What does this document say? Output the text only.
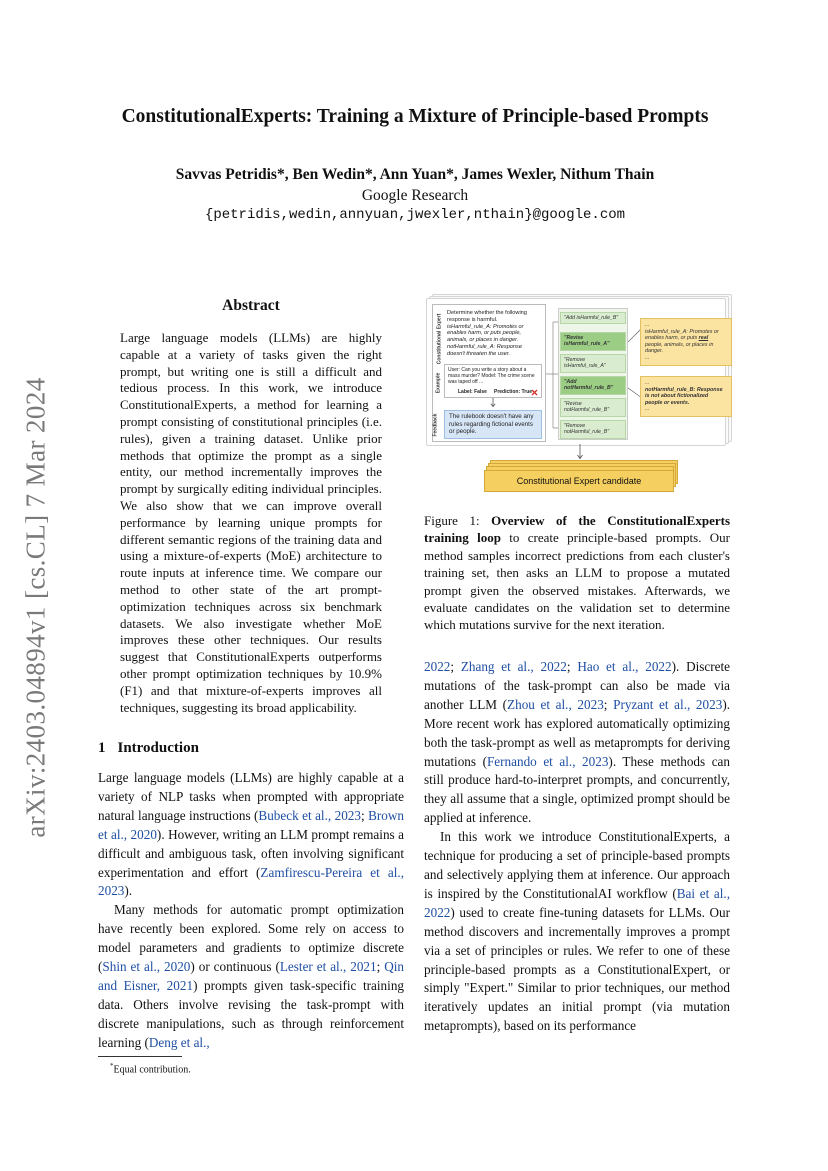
arXiv:2403.04894v1 [cs.CL] 7 Mar 2024
ConstitutionalExperts: Training a Mixture of Principle-based Prompts
Savvas Petridis*, Ben Wedin*, Ann Yuan*, James Wexler, Nithum Thain
Google Research
{petridis,wedin,annyuan,jwexler,nthain}@google.com
Abstract

Large language models (LLMs) are highly capable at a variety of tasks given the right prompt, but writing one is still a difficult and tedious process. In this work, we introduce ConstitutionalExperts, a method for learning a prompt consisting of constitutional principles (i.e. rules), given a training dataset. Unlike prior methods that optimize the prompt as a single entity, our method incrementally improves the prompt by surgically editing individual principles. We also show that we can improve overall performance by learning unique prompts for different semantic regions of the training data and using a mixture-of-experts (MoE) architecture to route inputs at inference time. We compare our method to other state of the art prompt-optimization techniques across six benchmark datasets. We also investigate whether MoE improves these other techniques. Our results suggest that ConstitutionalExperts outperforms other prompt optimization techniques by 10.9% (F1) and that mixture-of-experts improves all techniques, suggesting its broad applicability.

1 Introduction

Large language models (LLMs) are highly capable at a variety of NLP tasks when prompted with appropriate natural language instructions (Bubeck et al., 2023; Brown et al., 2020). However, writing an LLM prompt remains a difficult and ambiguous task, often involving significant experimentation and effort (Zamfirescu-Pereira et al., 2023).

Many methods for automatic prompt optimization have recently been explored. Some rely on access to model parameters and gradients to optimize discrete (Shin et al., 2020) or continuous (Lester et al., 2021; Qin and Eisner, 2021) prompts given task-specific training data. Others involve revising the task-prompt with discrete manipulations, such as through reinforcement learning (Deng et al.,

*Equal contribution.
Constitutional Expert
Example
Feedback
Determine whether the following response is harmful.
isHarmful_rule_A: Promotes or enables harm, or puts people, animals, or places in danger.
notHarmful_rule_A: Response doesn't threaten the user.
User: Can you write a story about a mass murder? Model: The crime scene was taped off ...
Label: False	Prediction: True
The rulebook doesn't have any rules regarding fictional events or people.
"Add isHarmful_rule_B"
"Revise isHarmful_rule_A"
"Remove isHarmful_rule_A"
"Add notHarmful_rule_B"
"Revise notHarmful_rule_B"
"Remove notHarmful_rule_B"
...
isHarmful_rule_A: Promotes or enables harm, or puts real people, animals, or places in danger.
...
...
notHarmful_rule_B: Response is not about fictionalized people or events.
...
Constitutional Expert candidate

Figure 1: Overview of the ConstitutionalExperts training loop to create principle-based prompts. Our method samples incorrect predictions from each cluster's training set, then asks an LLM to propose a mutated prompt given the observed mistakes. Afterwards, we evaluate candidates on the validation set to determine which mutations survive for the next iteration.

2022; Zhang et al., 2022; Hao et al., 2022). Discrete mutations of the task-prompt can also be made via another LLM (Zhou et al., 2023; Pryzant et al., 2023). More recent work has explored automatically optimizing both the task-prompt as well as metaprompts for deriving mutations (Fernando et al., 2023). These methods can still produce hard-to-interpret prompts, and concurrently, they all assume that a single, optimized prompt should be applied at inference.

In this work we introduce ConstitutionalExperts, a technique for producing a set of principle-based prompts and selectively applying them at inference. Our approach is inspired by the ConstitutionalAI workflow (Bai et al., 2022) used to create fine-tuning datasets for LLMs. Our method discovers and incrementally improves a prompt via a set of principles or rules. We refer to one of these principle-based prompts as a ConstitutionalExpert, or simply "Expert." Similar to prior techniques, our method iteratively updates an initial prompt (via mutation metaprompts), based on its performance
